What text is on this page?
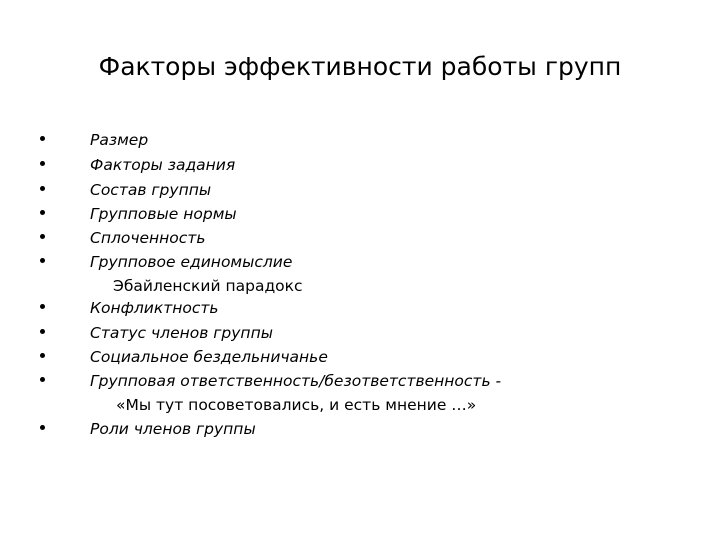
Факторы эффективности работы групп
Размер
Факторы задания
Состав группы
Групповые нормы
Сплоченность
Групповое единомыслие
Эбайленский парадокс
Конфликтность
Статус членов группы
Социальное бездельничанье
Групповая ответственность/безответственность -
«Мы тут посоветовались, и есть мнение …»
Роли членов группы
